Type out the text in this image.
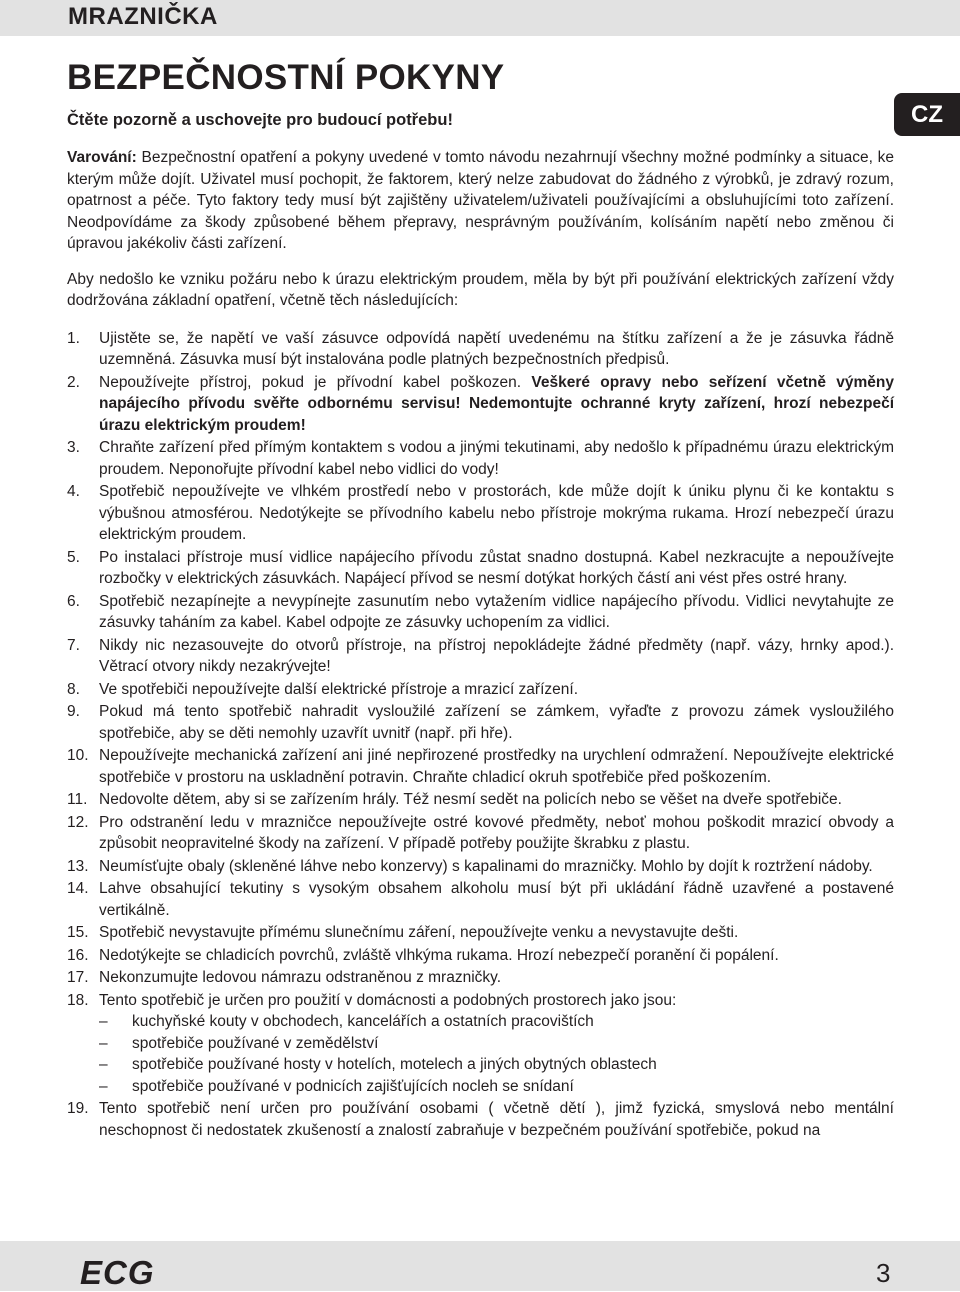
MRAZNIČKA
CZ
BEZPEČNOSTNÍ POKYNY

Čtěte pozorně a uschovejte pro budoucí potřebu!

Varování: Bezpečnostní opatření a pokyny uvedené v tomto návodu nezahrnují všechny možné podmínky a situace, ke kterým může dojít. Uživatel musí pochopit, že faktorem, který nelze zabudovat do žádného z výrobků, je zdravý rozum, opatrnost a péče. Tyto faktory tedy musí být zajištěny uživatelem/uživateli používajícími a obsluhujícími toto zařízení. Neodpovídáme za škody způsobené během přepravy, nesprávným používáním, kolísáním napětí nebo změnou či úpravou jakékoliv části zařízení.

Aby nedošlo ke vzniku požáru nebo k úrazu elektrickým proudem, měla by být při používání elektrických zařízení vždy dodržována základní opatření, včetně těch následujících:

1. Ujistěte se, že napětí ve vaší zásuvce odpovídá napětí uvedenému na štítku zařízení a že je zásuvka řádně uzemněná. Zásuvka musí být instalována podle platných bezpečnostních předpisů.
2. Nepoužívejte přístroj, pokud je přívodní kabel poškozen. Veškeré opravy nebo seřízení včetně výměny napájecího přívodu svěřte odbornému servisu! Nedemontujte ochranné kryty zařízení, hrozí nebezpečí úrazu elektrickým proudem!
3. Chraňte zařízení před přímým kontaktem s vodou a jinými tekutinami, aby nedošlo k případnému úrazu elektrickým proudem. Neponořujte přívodní kabel nebo vidlici do vody!
4. Spotřebič nepoužívejte ve vlhkém prostředí nebo v prostorách, kde může dojít k úniku plynu či ke kontaktu s výbušnou atmosférou. Nedotýkejte se přívodního kabelu nebo přístroje mokrýma rukama. Hrozí nebezpečí úrazu elektrickým proudem.
5. Po instalaci přístroje musí vidlice napájecího přívodu zůstat snadno dostupná. Kabel nezkracujte a nepoužívejte rozbočky v elektrických zásuvkách. Napájecí přívod se nesmí dotýkat horkých částí ani vést přes ostré hrany.
6. Spotřebič nezapínejte a nevypínejte zasunutím nebo vytažením vidlice napájecího přívodu. Vidlici nevytahujte ze zásuvky taháním za kabel. Kabel odpojte ze zásuvky uchopením za vidlici.
7. Nikdy nic nezasouvejte do otvorů přístroje, na přístroj nepokládejte žádné předměty (např. vázy, hrnky apod.). Větrací otvory nikdy nezakrývejte!
8. Ve spotřebiči nepoužívejte další elektrické přístroje a mrazicí zařízení.
9. Pokud má tento spotřebič nahradit vysloužilé zařízení se zámkem, vyřaďte z provozu zámek vysloužilého spotřebiče, aby se děti nemohly uzavřít uvnitř (např. při hře).
10. Nepoužívejte mechanická zařízení ani jiné nepřirozené prostředky na urychlení odmražení. Nepoužívejte elektrické spotřebiče v prostoru na uskladnění potravin. Chraňte chladicí okruh spotřebiče před poškozením.
11. Nedovolte dětem, aby si se zařízením hrály. Též nesmí sedět na policích nebo se věšet na dveře spotřebiče.
12. Pro odstranění ledu v mrazničce nepoužívejte ostré kovové předměty, neboť mohou poškodit mrazicí obvody a způsobit neopravitelné škody na zařízení. V případě potřeby použijte škrabku z plastu.
13. Neumísťujte obaly (skleněné láhve nebo konzervy) s kapalinami do mrazničky. Mohlo by dojít k roztržení nádoby.
14. Lahve obsahující tekutiny s vysokým obsahem alkoholu musí být při ukládání řádně uzavřené a postavené vertikálně.
15. Spotřebič nevystavujte přímému slunečnímu záření, nepoužívejte venku a nevystavujte dešti.
16. Nedotýkejte se chladicích povrchů, zvláště vlhkýma rukama. Hrozí nebezpečí poranění či popálení.
17. Nekonzumujte ledovou námrazu odstraněnou z mrazničky.
18. Tento spotřebič je určen pro použití v domácnosti a podobných prostorech jako jsou:
– kuchyňské kouty v obchodech, kancelářích a ostatních pracovištích
– spotřebiče používané v zemědělství
– spotřebiče používané hosty v hotelích, motelech a jiných obytných oblastech
– spotřebiče používané v podnicích zajišťujících nocleh se snídaní
19. Tento spotřebič není určen pro používání osobami ( včetně dětí ), jimž fyzická, smyslová nebo mentální neschopnost či nedostatek zkušeností a znalostí zabraňuje v bezpečném používání spotřebiče, pokud na
ECG	3
